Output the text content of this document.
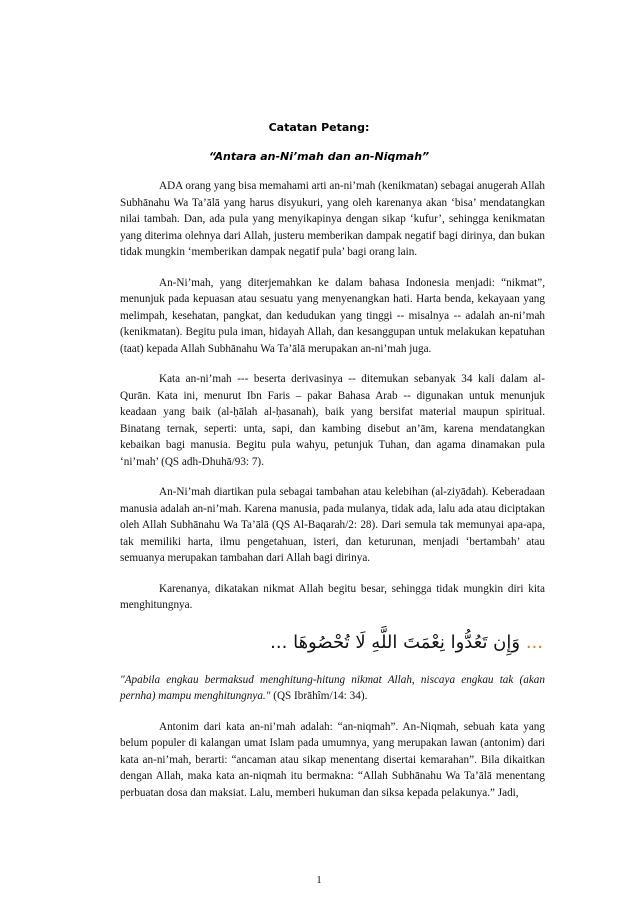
Catatan Petang:
“Antara an-Ni’mah dan an-Niqmah”

ADA orang yang bisa memahami arti an-ni’mah (kenikmatan) sebagai anugerah Allah Subhānahu Wa Ta’ālā yang harus disyukuri, yang oleh karenanya akan ‘bisa’ mendatangkan nilai tambah. Dan, ada pula yang menyikapinya dengan sikap ‘kufur’, sehingga kenikmatan yang diterima olehnya dari Allah, justeru memberikan dampak negatif bagi dirinya, dan bukan tidak mungkin ‘memberikan dampak negatif pula’ bagi orang lain.

An-Ni’mah, yang diterjemahkan ke dalam bahasa Indonesia menjadi: “nikmat”, menunjuk pada kepuasan atau sesuatu yang menyenangkan hati. Harta benda, kekayaan yang melimpah, kesehatan, pangkat, dan kedudukan yang tinggi -- misalnya -- adalah an-ni’mah (kenikmatan). Begitu pula iman, hidayah Allah, dan kesanggupan untuk melakukan kepatuhan (taat) kepada Allah Subhānahu Wa Ta’ālā merupakan an-ni’mah juga.

Kata an-ni’mah --- beserta derivasinya -- ditemukan sebanyak 34 kali dalam al-Qurān. Kata ini, menurut Ibn Faris – pakar Bahasa Arab -- digunakan untuk menunjuk keadaan yang baik (al-ḥālah al-ḥasanah), baik yang bersifat material maupun spiritual. Binatang ternak, seperti: unta, sapi, dan kambing disebut an’ām, karena mendatangkan kebaikan bagi manusia. Begitu pula wahyu, petunjuk Tuhan, dan agama dinamakan pula ‘ni’mah’ (QS adh-Dhuhā/93: 7).

An-Ni’mah diartikan pula sebagai tambahan atau kelebihan (al-ziyādah). Keberadaan manusia adalah an-ni’mah. Karena manusia, pada mulanya, tidak ada, lalu ada atau diciptakan oleh Allah Subhānahu Wa Ta’ālā (QS Al-Baqarah/2: 28). Dari semula tak memunyai apa-apa, tak memiliki harta, ilmu pengetahuan, isteri, dan keturunan, menjadi ‘bertambah’ atau semuanya merupakan tambahan dari Allah bagi dirinya.

Karenanya, dikatakan nikmat Allah begitu besar, sehingga tidak mungkin diri kita menghitungnya.

... وَإِن تَعُدُّوا نِعْمَتَ اللَّهِ لَا تُحْصُوهَا ...

"Apabila engkau bermaksud menghitung-hitung nikmat Allah, niscaya engkau tak (akan pernha) mampu menghitungnya." (QS Ibrāhîm/14: 34).

Antonim dari kata an-ni’mah adalah: “an-niqmah”. An-Niqmah, sebuah kata yang belum populer di kalangan umat Islam pada umumnya, yang merupakan lawan (antonim) dari kata an-ni’mah, berarti: “ancaman atau sikap menentang disertai kemarahan”. Bila dikaitkan dengan Allah, maka kata an-niqmah itu bermakna: “Allah Subhānahu Wa Ta’ālā menentang perbuatan dosa dan maksiat. Lalu, memberi hukuman dan siksa kepada pelakunya.” Jadi,

1
